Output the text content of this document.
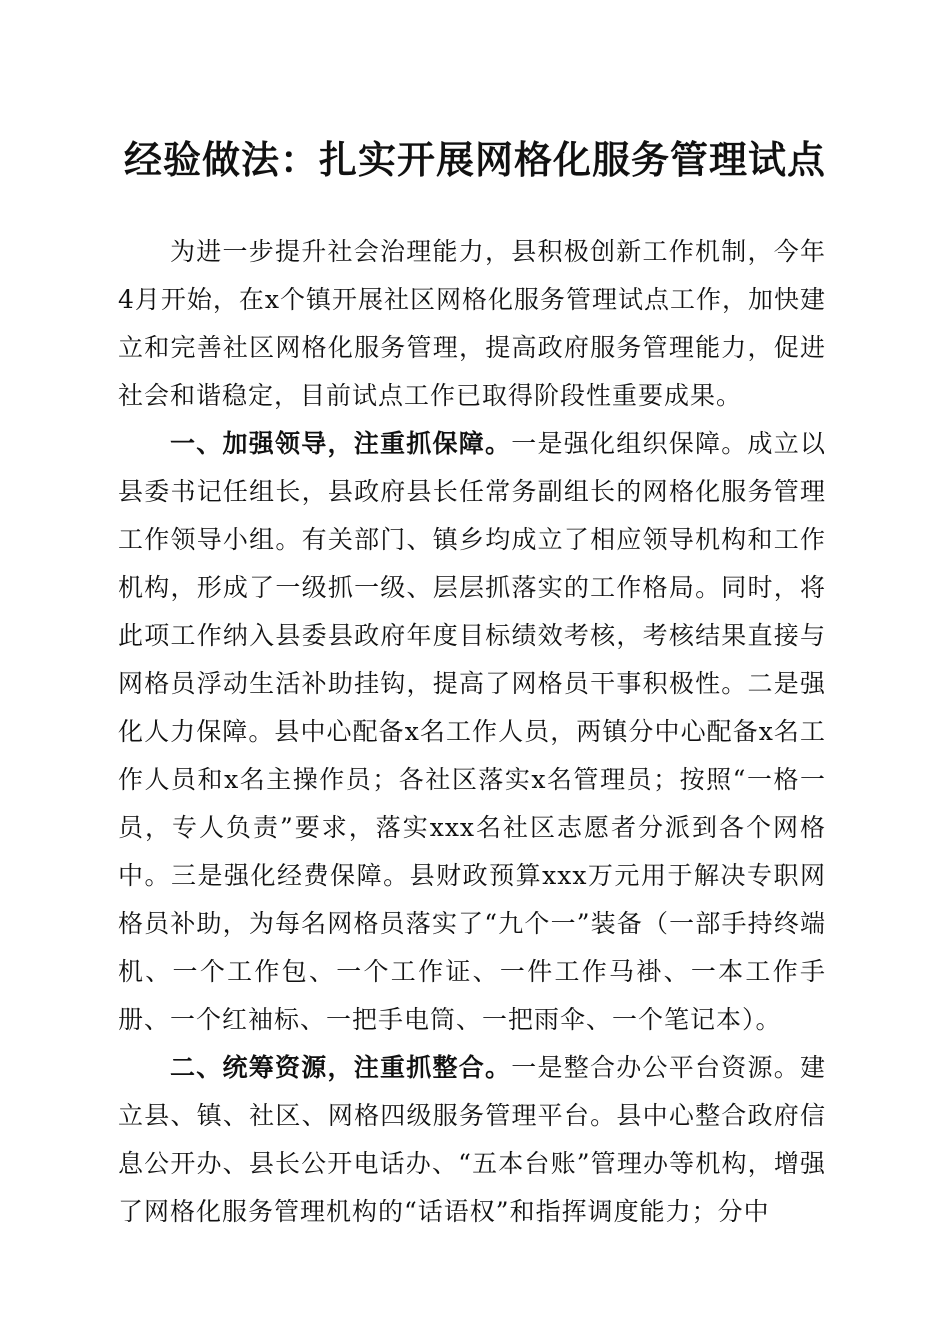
经验做法：扎实开展网格化服务管理试点

为进一步提升社会治理能力，县积极创新工作机制，今年4月开始，在x个镇开展社区网格化服务管理试点工作，加快建立和完善社区网格化服务管理，提高政府服务管理能力，促进社会和谐稳定，目前试点工作已取得阶段性重要成果。

一、加强领导，注重抓保障。一是强化组织保障。成立以县委书记任组长，县政府县长任常务副组长的网格化服务管理工作领导小组。有关部门、镇乡均成立了相应领导机构和工作机构，形成了一级抓一级、层层抓落实的工作格局。同时，将此项工作纳入县委县政府年度目标绩效考核，考核结果直接与网格员浮动生活补助挂钩，提高了网格员干事积极性。二是强化人力保障。县中心配备x名工作人员，两镇分中心配备x名工作人员和x名主操作员；各社区落实x名管理员；按照“一格一员，专人负责”要求，落实xxx名社区志愿者分派到各个网格中。三是强化经费保障。县财政预算xxx万元用于解决专职网格员补助，为每名网格员落实了“九个一”装备（一部手持终端机、一个工作包、一个工作证、一件工作马褂、一本工作手册、一个红袖标、一把手电筒、一把雨伞、一个笔记本）。

二、统筹资源，注重抓整合。一是整合办公平台资源。建立县、镇、社区、网格四级服务管理平台。县中心整合政府信息公开办、县长公开电话办、“五本台账”管理办等机构，增强了网格化服务管理机构的“话语权”和指挥调度能力；分中
